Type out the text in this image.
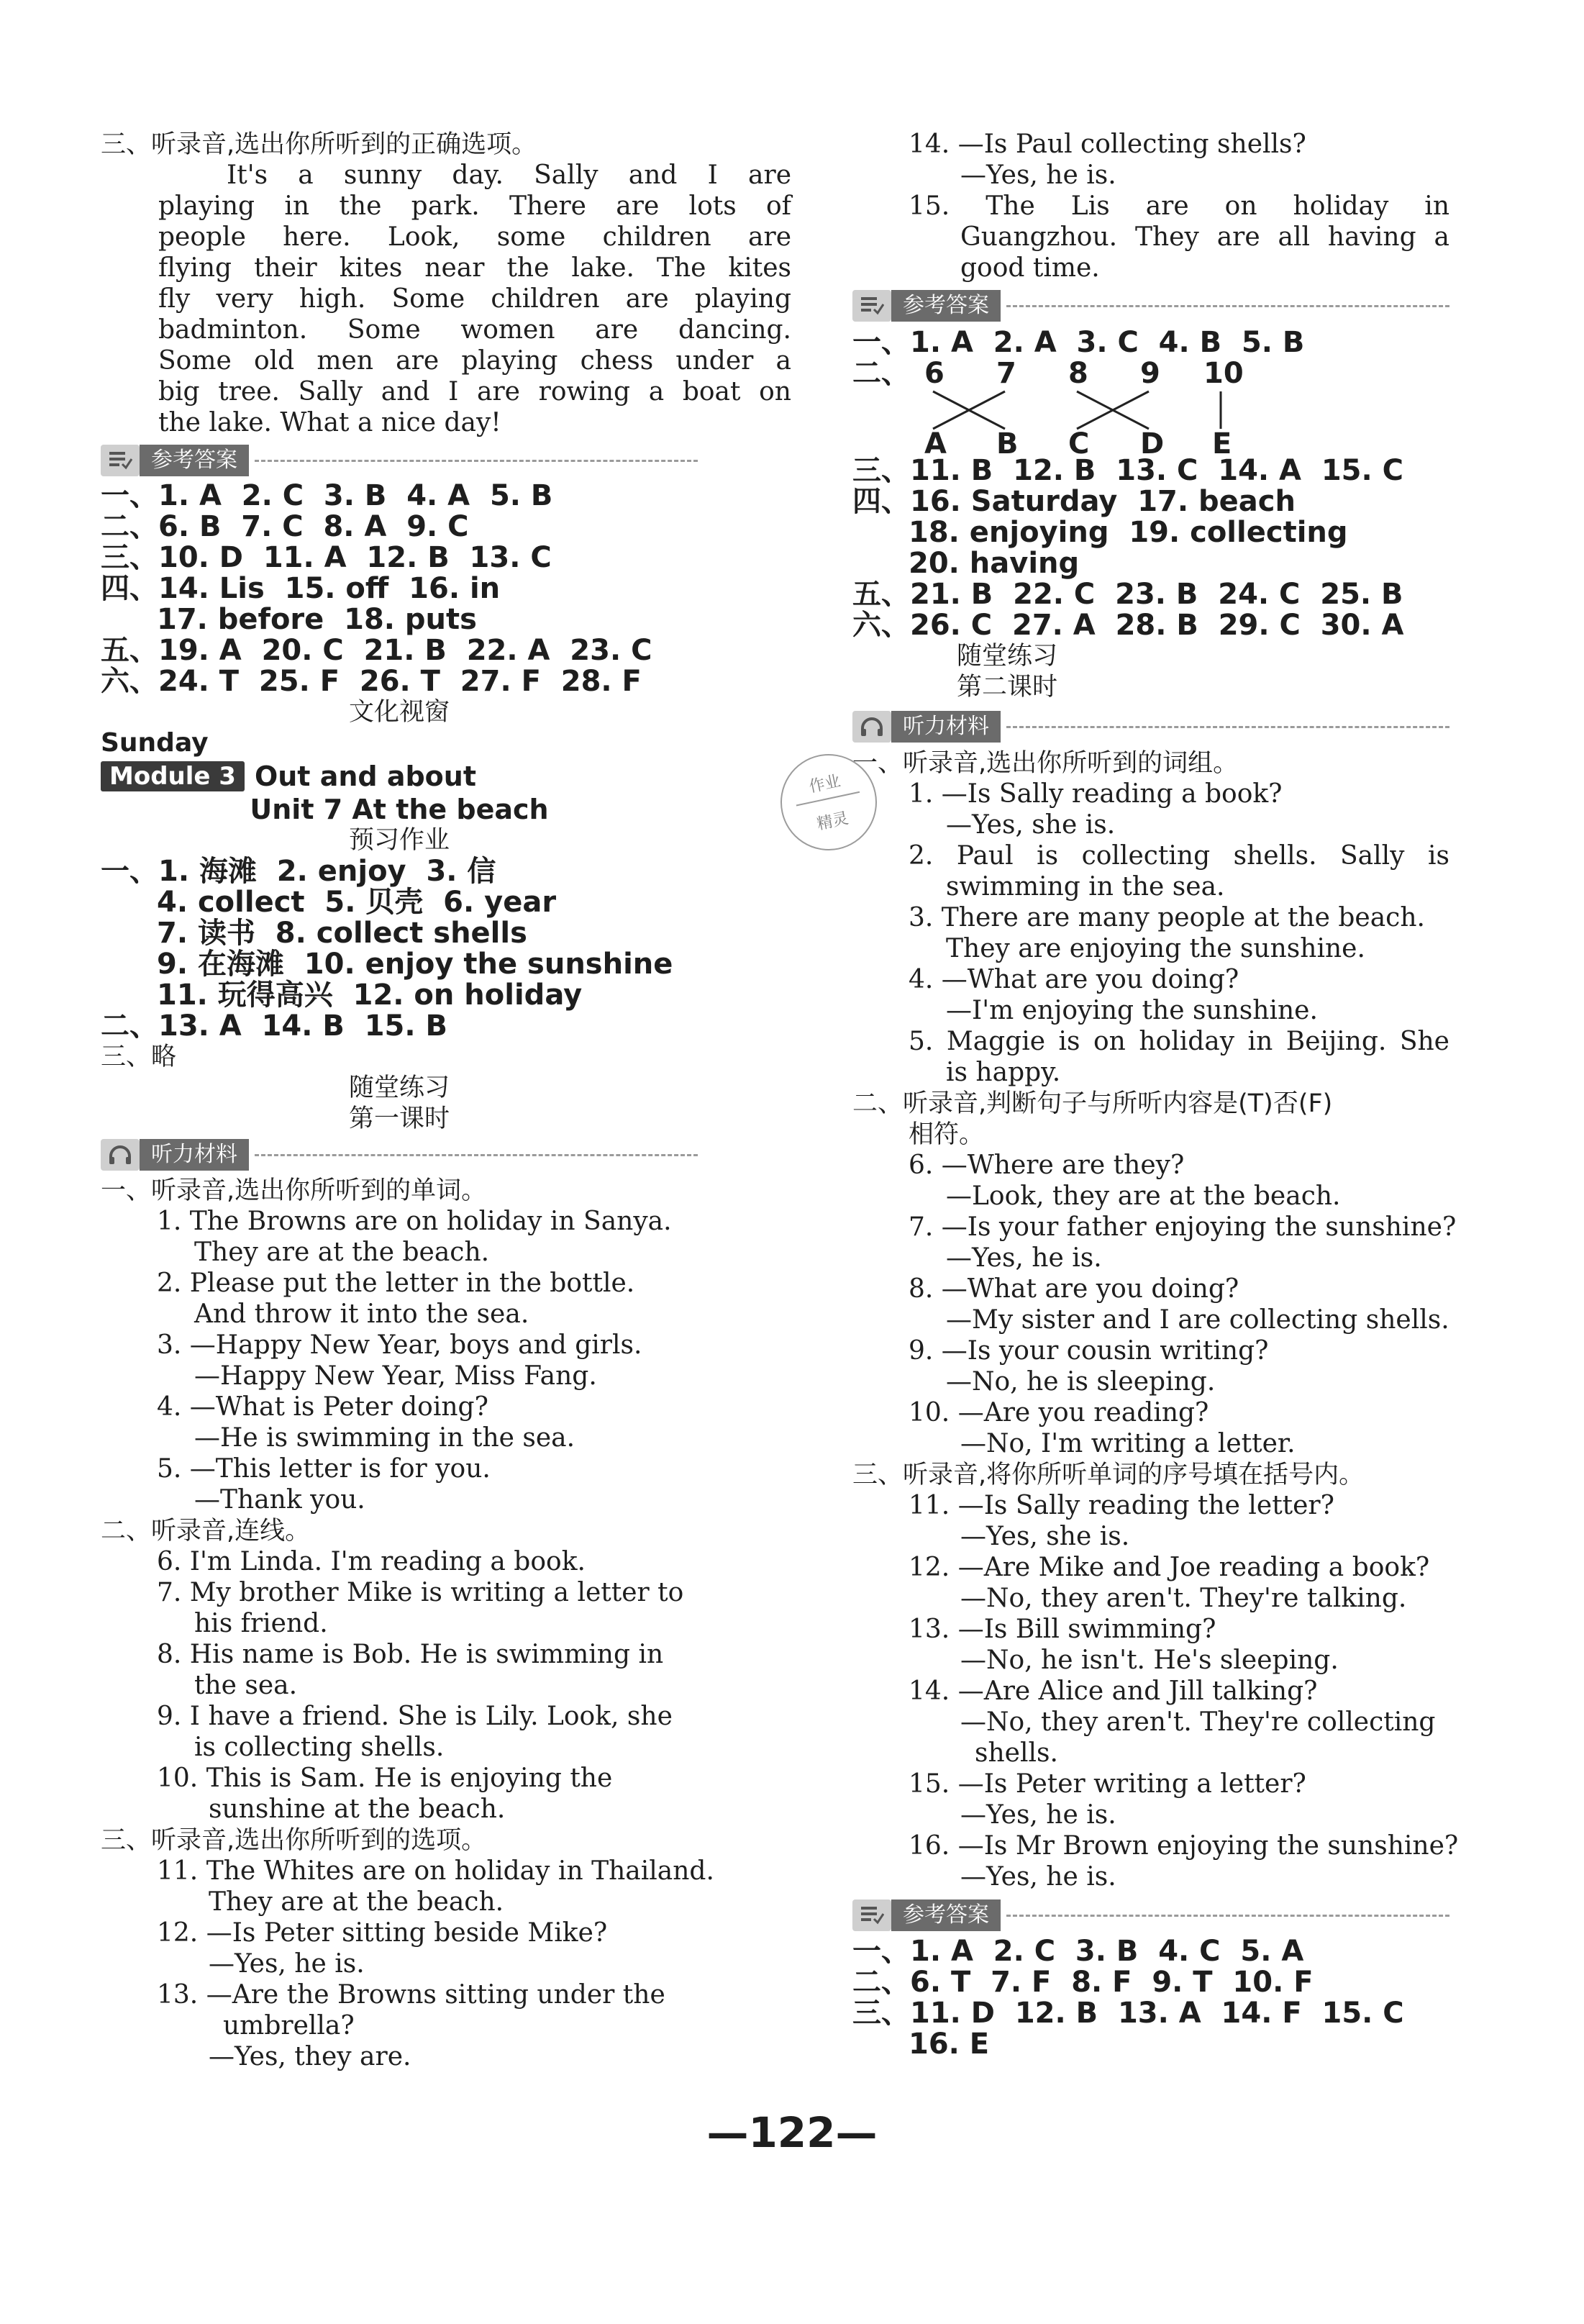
三、听录音,选出你所听到的正确选项。
It's a sunny day. Sally and I are
playing in the park. There are lots of
people here. Look, some children are
flying their kites near the lake. The kites
fly very high. Some children are playing
badminton. Some women are dancing.
Some old men are playing chess under a
big tree. Sally and I are rowing a boat on
the lake. What a nice day!
参考答案
一、1. A  2. C  3. B  4. A  5. B
二、6. B  7. C  8. A  9. C
三、10. D  11. A  12. B  13. C
四、14. Lis  15. off  16. in
17. before  18. puts
五、19. A  20. C  21. B  22. A  23. C
六、24. T  25. F  26. T  27. F  28. F
文化视窗
Sunday
Module 3 Out and about
Unit 7 At the beach
预习作业
一、1. 海滩  2. enjoy  3. 信
4. collect  5. 贝壳  6. year
7. 读书  8. collect shells
9. 在海滩  10. enjoy the sunshine
11. 玩得高兴  12. on holiday
二、13. A  14. B  15. B
三、略
随堂练习
第一课时
听力材料
一、听录音,选出你所听到的单词。
1. The Browns are on holiday in Sanya.
They are at the beach.
2. Please put the letter in the bottle.
And throw it into the sea.
3. —Happy New Year, boys and girls.
—Happy New Year, Miss Fang.
4. —What is Peter doing?
—He is swimming in the sea.
5. —This letter is for you.
—Thank you.
二、听录音,连线。
6. I'm Linda. I'm reading a book.
7. My brother Mike is writing a letter to
his friend.
8. His name is Bob. He is swimming in
the sea.
9. I have a friend. She is Lily. Look, she
is collecting shells.
10. This is Sam. He is enjoying the
sunshine at the beach.
三、听录音,选出你所听到的选项。
11. The Whites are on holiday in Thailand.
They are at the beach.
12. —Is Peter sitting beside Mike?
—Yes, he is.
13. —Are the Browns sitting under the
umbrella?
—Yes, they are.
14. —Is Paul collecting shells?
—Yes, he is.
15. The Lis are on holiday in
Guangzhou. They are all having a
good time.
参考答案
一、1. A  2. A  3. C  4. B  5. B
二、 6 7 8 9 10
A B C D E
三、11. B  12. B  13. C  14. A  15. C
四、16. Saturday  17. beach
18. enjoying  19. collecting
20. having
五、21. B  22. C  23. B  24. C  25. B
六、26. C  27. A  28. B  29. C  30. A
随堂练习
第二课时
听力材料
一、听录音,选出你所听到的词组。
1. —Is Sally reading a book?
—Yes, she is.
2. Paul is collecting shells. Sally is
swimming in the sea.
3. There are many people at the beach.
They are enjoying the sunshine.
4. —What are you doing?
—I'm enjoying the sunshine.
5. Maggie is on holiday in Beijing. She
is happy.
二、听录音,判断句子与所听内容是(T)否(F)
相符。
6. —Where are they?
—Look, they are at the beach.
7. —Is your father enjoying the sunshine?
—Yes, he is.
8. —What are you doing?
—My sister and I are collecting shells.
9. —Is your cousin writing?
—No, he is sleeping.
10. —Are you reading?
—No, I'm writing a letter.
三、听录音,将你所听单词的序号填在括号内。
11. —Is Sally reading the letter?
—Yes, she is.
12. —Are Mike and Joe reading a book?
—No, they aren't. They're talking.
13. —Is Bill swimming?
—No, he isn't. He's sleeping.
14. —Are Alice and Jill talking?
—No, they aren't. They're collecting
shells.
15. —Is Peter writing a letter?
—Yes, he is.
16. —Is Mr Brown enjoying the sunshine?
—Yes, he is.
参考答案
一、1. A  2. C  3. B  4. C  5. A
二、6. T  7. F  8. F  9. T  10. F
三、11. D  12. B  13. A  14. F  15. C
16. E
作业
精灵
—122—
